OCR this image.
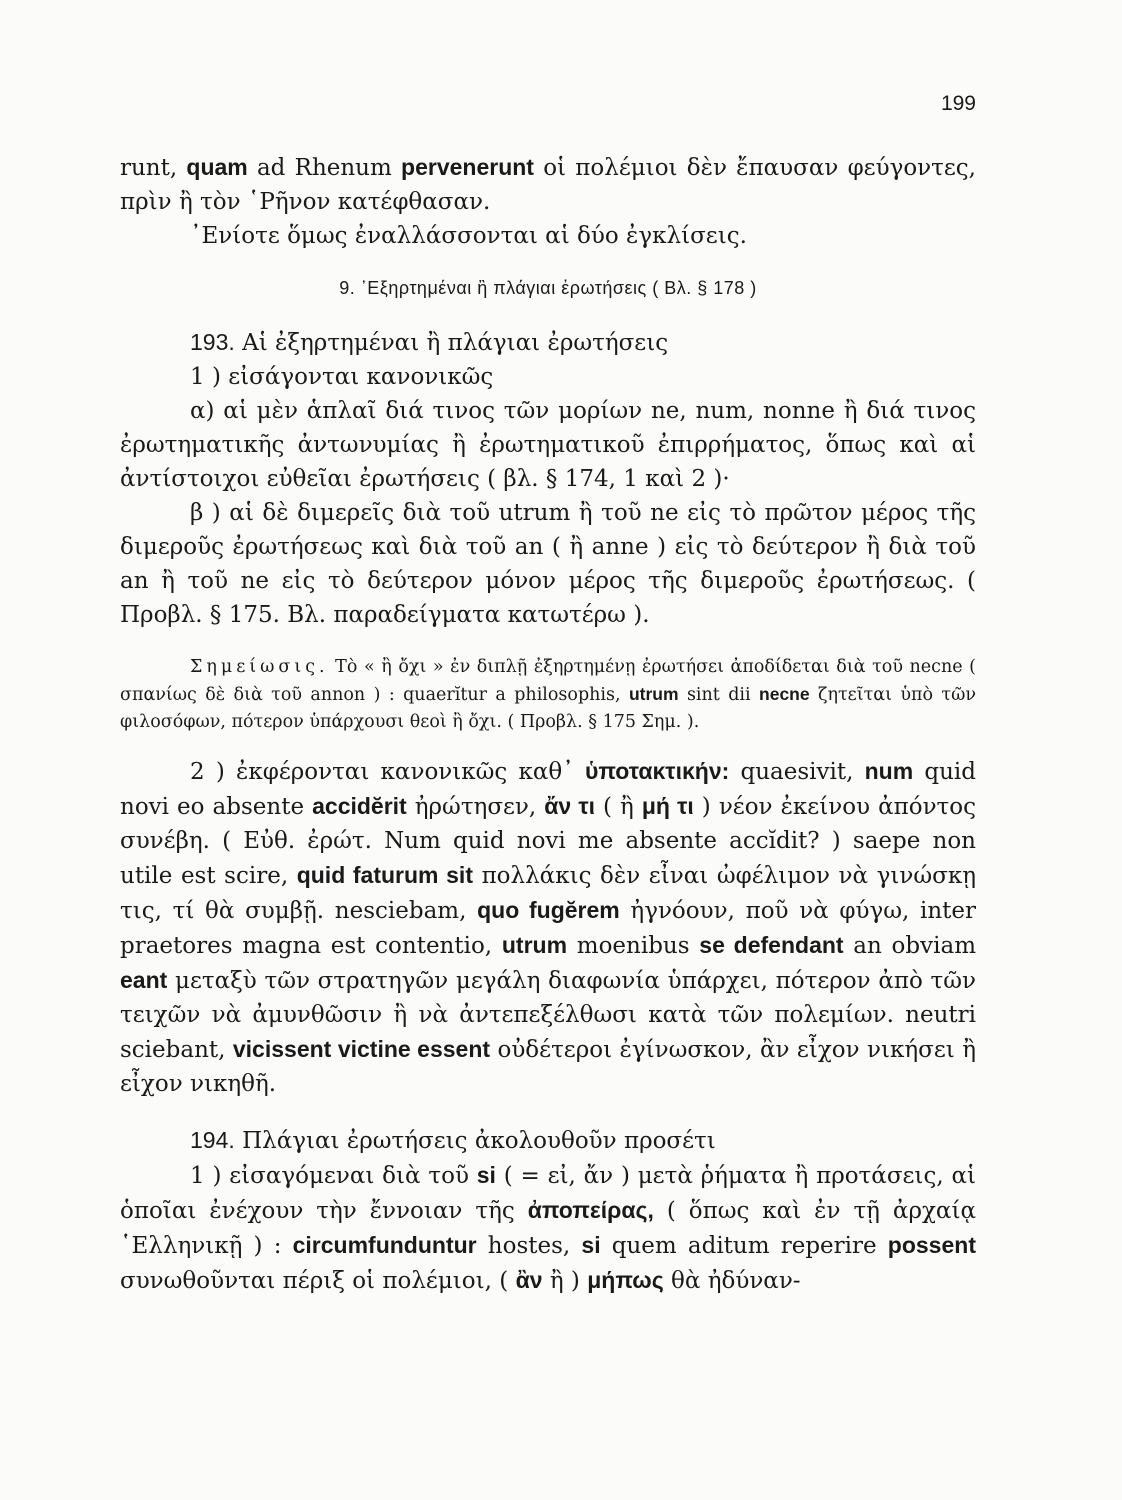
199

runt, quam ad Rhenum pervenerunt οἱ πολέμιοι δὲν ἔπαυσαν φεύγοντες, πρὶν ἢ τὸν ῾Ρῆνον κατέφθασαν.

᾿Ενίοτε ὅμως ἐναλλάσσονται αἱ δύο ἐγκλίσεις.

9. ᾿Εξηρτημέναι ἢ πλάγιαι ἐρωτήσεις ( Βλ. § 178 )

193. Αἱ ἐξηρτημέναι ἢ πλάγιαι ἐρωτήσεις

1 ) εἰσάγονται κανονικῶς

α) αἱ μὲν ἁπλαῖ διά τινος τῶν μορίων ne, num, nonne ἢ διά τινος ἐρωτηματικῆς ἀντωνυμίας ἢ ἐρωτηματικοῦ ἐπιρρήματος, ὅπως καὶ αἱ ἀντίστοιχοι εὐθεῖαι ἐρωτήσεις ( βλ. § 174, 1 καὶ 2 )·

β ) αἱ δὲ διμερεῖς διὰ τοῦ utrum ἢ τοῦ ne εἰς τὸ πρῶτον μέρος τῆς διμεροῦς ἐρωτήσεως καὶ διὰ τοῦ an ( ἢ anne ) εἰς τὸ δεύτερον ἢ διὰ τοῦ an ἢ τοῦ ne εἰς τὸ δεύτερον μόνον μέρος τῆς διμεροῦς ἐρωτήσεως. ( Προβλ. § 175. Βλ. παραδείγματα κατωτέρω ).

Σημείωσις. Τὸ « ἢ ὄχι » ἐν διπλῇ ἐξηρτημένῃ ἐρωτήσει ἀποδίδεται διὰ τοῦ necne ( σπανίως δὲ διὰ τοῦ annon ) : quaerĭtur a philosophis, utrum sint dii necne ζητεῖται ὑπὸ τῶν φιλοσόφων, πότερον ὑπάρχουσι θεοὶ ἢ ὄχι. ( Προβλ. § 175 Σημ. ).

2 ) ἐκφέρονται κανονικῶς καθ᾿ ὑποτακτικήν: quaesivit, num quid novi eo absente accidĕrit ἠρώτησεν, ἄν τι ( ἢ μή τι ) νέον ἐκείνου ἀπόντος συνέβη. ( Εὐθ. ἐρώτ. Num quid novi me absente accĭdit? ) saepe non utile est scire, quid faturum sit πολλάκις δὲν εἶναι ὠφέλιμον νὰ γινώσκῃ τις, τί θὰ συμβῇ. nesciebam, quo fugĕrem ἠγνόουν, ποῦ νὰ φύγω, inter praetores magna est contentio, utrum moenibus se defendant an obviam eant μεταξὺ τῶν στρατηγῶν μεγάλη διαφωνία ὑπάρχει, πότερον ἀπὸ τῶν τειχῶν νὰ ἀμυνθῶσιν ἢ νὰ ἀντεπεξέλθωσι κατὰ τῶν πολεμίων. neutri sciebant, vicissent victine essent οὐδέτεροι ἐγίνωσκον, ἂν εἶχον νικήσει ἢ εἶχον νικηθῆ.

194. Πλάγιαι ἐρωτήσεις ἀκολουθοῦν προσέτι

1 ) εἰσαγόμεναι διὰ τοῦ si ( = εἰ, ἄν ) μετὰ ῥήματα ἢ προτάσεις, αἱ ὁποῖαι ἐνέχουν τὴν ἔννοιαν τῆς ἀποπείρας, ( ὅπως καὶ ἐν τῇ ἀρχαίᾳ ῾Ελληνικῇ ) : circumfunduntur hostes, si quem aditum reperire possent συνωθοῦνται πέριξ οἱ πολέμιοι, ( ἂν ἢ ) μήπως θὰ ἠδύναν-
